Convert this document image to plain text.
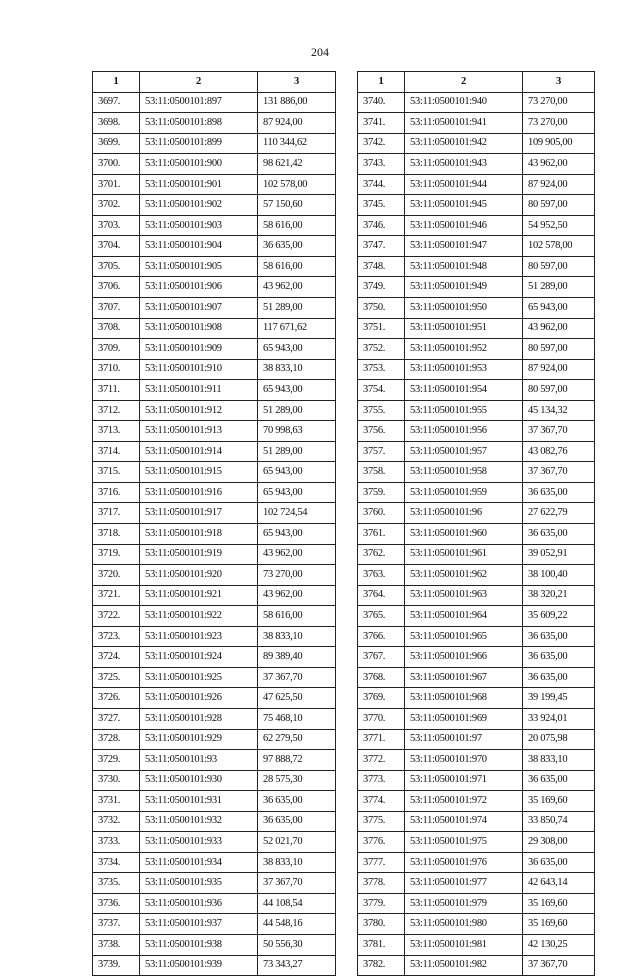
204
1	2	3
3697.	53:11:0500101:897	131 886,00
3698.	53:11:0500101:898	87 924,00
3699.	53:11:0500101:899	110 344,62
3700.	53:11:0500101:900	98 621,42
3701.	53:11:0500101:901	102 578,00
3702.	53:11:0500101:902	57 150,60
3703.	53:11:0500101:903	58 616,00
3704.	53:11:0500101:904	36 635,00
3705.	53:11:0500101:905	58 616,00
3706.	53:11:0500101:906	43 962,00
3707.	53:11:0500101:907	51 289,00
3708.	53:11:0500101:908	117 671,62
3709.	53:11:0500101:909	65 943,00
3710.	53:11:0500101:910	38 833,10
3711.	53:11:0500101:911	65 943,00
3712.	53:11:0500101:912	51 289,00
3713.	53:11:0500101:913	70 998,63
3714.	53:11:0500101:914	51 289,00
3715.	53:11:0500101:915	65 943,00
3716.	53:11:0500101:916	65 943,00
3717.	53:11:0500101:917	102 724,54
3718.	53:11:0500101:918	65 943,00
3719.	53:11:0500101:919	43 962,00
3720.	53:11:0500101:920	73 270,00
3721.	53:11:0500101:921	43 962,00
3722.	53:11:0500101:922	58 616,00
3723.	53:11:0500101:923	38 833,10
3724.	53:11:0500101:924	89 389,40
3725.	53:11:0500101:925	37 367,70
3726.	53:11:0500101:926	47 625,50
3727.	53:11:0500101:928	75 468,10
3728.	53:11:0500101:929	62 279,50
3729.	53:11:0500101:93	97 888,72
3730.	53:11:0500101:930	28 575,30
3731.	53:11:0500101:931	36 635,00
3732.	53:11:0500101:932	36 635,00
3733.	53:11:0500101:933	52 021,70
3734.	53:11:0500101:934	38 833,10
3735.	53:11:0500101:935	37 367,70
3736.	53:11:0500101:936	44 108,54
3737.	53:11:0500101:937	44 548,16
3738.	53:11:0500101:938	50 556,30
3739.	53:11:0500101:939	73 343,27
1	2	3
3740.	53:11:0500101:940	73 270,00
3741.	53:11:0500101:941	73 270,00
3742.	53:11:0500101:942	109 905,00
3743.	53:11:0500101:943	43 962,00
3744.	53:11:0500101:944	87 924,00
3745.	53:11:0500101:945	80 597,00
3746.	53:11:0500101:946	54 952,50
3747.	53:11:0500101:947	102 578,00
3748.	53:11:0500101:948	80 597,00
3749.	53:11:0500101:949	51 289,00
3750.	53:11:0500101:950	65 943,00
3751.	53:11:0500101:951	43 962,00
3752.	53:11:0500101:952	80 597,00
3753.	53:11:0500101:953	87 924,00
3754.	53:11:0500101:954	80 597,00
3755.	53:11:0500101:955	45 134,32
3756.	53:11:0500101:956	37 367,70
3757.	53:11:0500101:957	43 082,76
3758.	53:11:0500101:958	37 367,70
3759.	53:11:0500101:959	36 635,00
3760.	53:11:0500101:96	27 622,79
3761.	53:11:0500101:960	36 635,00
3762.	53:11:0500101:961	39 052,91
3763.	53:11:0500101:962	38 100,40
3764.	53:11:0500101:963	38 320,21
3765.	53:11:0500101:964	35 609,22
3766.	53:11:0500101:965	36 635,00
3767.	53:11:0500101:966	36 635,00
3768.	53:11:0500101:967	36 635,00
3769.	53:11:0500101:968	39 199,45
3770.	53:11:0500101:969	33 924,01
3771.	53:11:0500101:97	20 075,98
3772.	53:11:0500101:970	38 833,10
3773.	53:11:0500101:971	36 635,00
3774.	53:11:0500101:972	35 169,60
3775.	53:11:0500101:974	33 850,74
3776.	53:11:0500101:975	29 308,00
3777.	53:11:0500101:976	36 635,00
3778.	53:11:0500101:977	42 643,14
3779.	53:11:0500101:979	35 169,60
3780.	53:11:0500101:980	35 169,60
3781.	53:11:0500101:981	42 130,25
3782.	53:11:0500101:982	37 367,70
